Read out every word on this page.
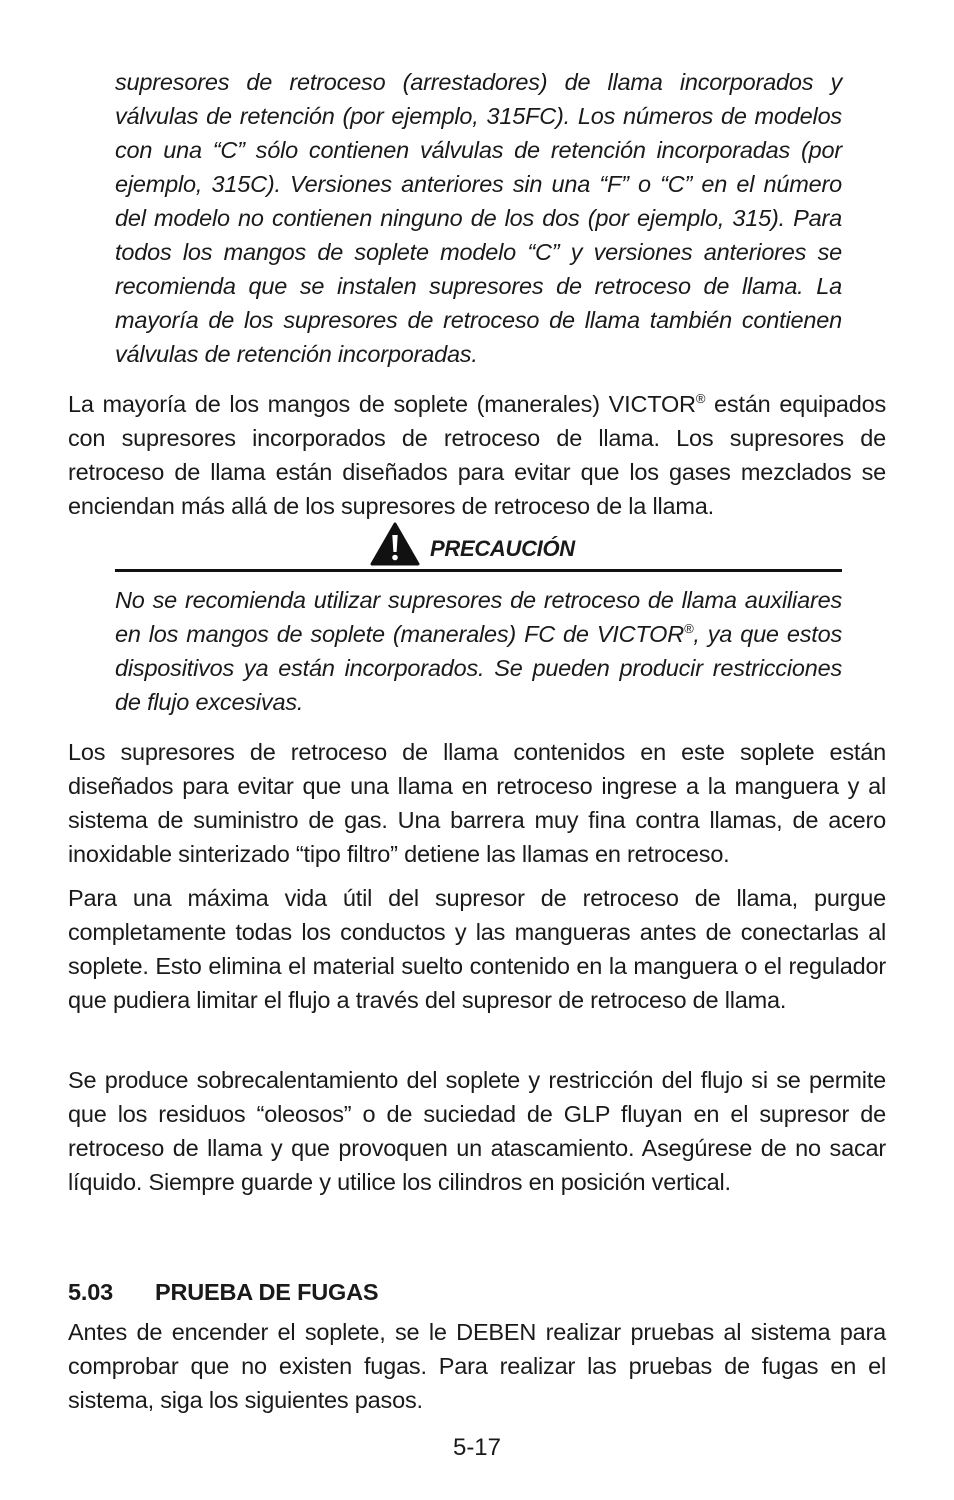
supresores de retroceso (arrestadores) de llama incorporados y válvulas de retención (por ejemplo, 315FC). Los números de modelos con una “C” sólo contienen válvulas de retención incorporadas (por ejemplo, 315C). Versiones anteriores sin una “F” o “C” en el número del modelo no contienen ninguno de los dos (por ejemplo, 315). Para todos los mangos de soplete modelo “C” y versiones anteriores se recomienda que se instalen supresores de retroceso de llama. La mayoría de los supresores de retroceso de llama también contienen válvulas de retención incorporadas.

La mayoría de los mangos de soplete (manerales) VICTOR® están equipados con supresores incorporados de retroceso de llama. Los supresores de retroceso de llama están diseñados para evitar que los gases mezclados se enciendan más allá de los supresores de retroceso de la llama.

PRECAUCIÓN

No se recomienda utilizar supresores de retroceso de llama auxiliares en los mangos de soplete (manerales) FC de VICTOR®, ya que estos dispositivos ya están incorporados. Se pueden producir restricciones de flujo excesivas.

Los supresores de retroceso de llama contenidos en este soplete están diseñados para evitar que una llama en retroceso ingrese a la manguera y al sistema de suministro de gas. Una barrera muy fina contra llamas, de acero inoxidable sinterizado “tipo filtro” detiene las llamas en retroceso.

Para una máxima vida útil del supresor de retroceso de llama, purgue completamente todas los conductos y las mangueras antes de conectarlas al soplete. Esto elimina el material suelto contenido en la manguera o el regulador que pudiera limitar el flujo a través del supresor de retroceso de llama.

Se produce sobrecalentamiento del soplete y restricción del flujo si se permite que los residuos “oleosos” o de suciedad de GLP fluyan en el supresor de retroceso de llama y que provoquen un atascamiento. Asegúrese de no sacar líquido. Siempre guarde y utilice los cilindros en posición vertical.

5.03 PRUEBA DE FUGAS

Antes de encender el soplete, se le DEBEN realizar pruebas al sistema para comprobar que no existen fugas. Para realizar las pruebas de fugas en el sistema, siga los siguientes pasos.

5-17
